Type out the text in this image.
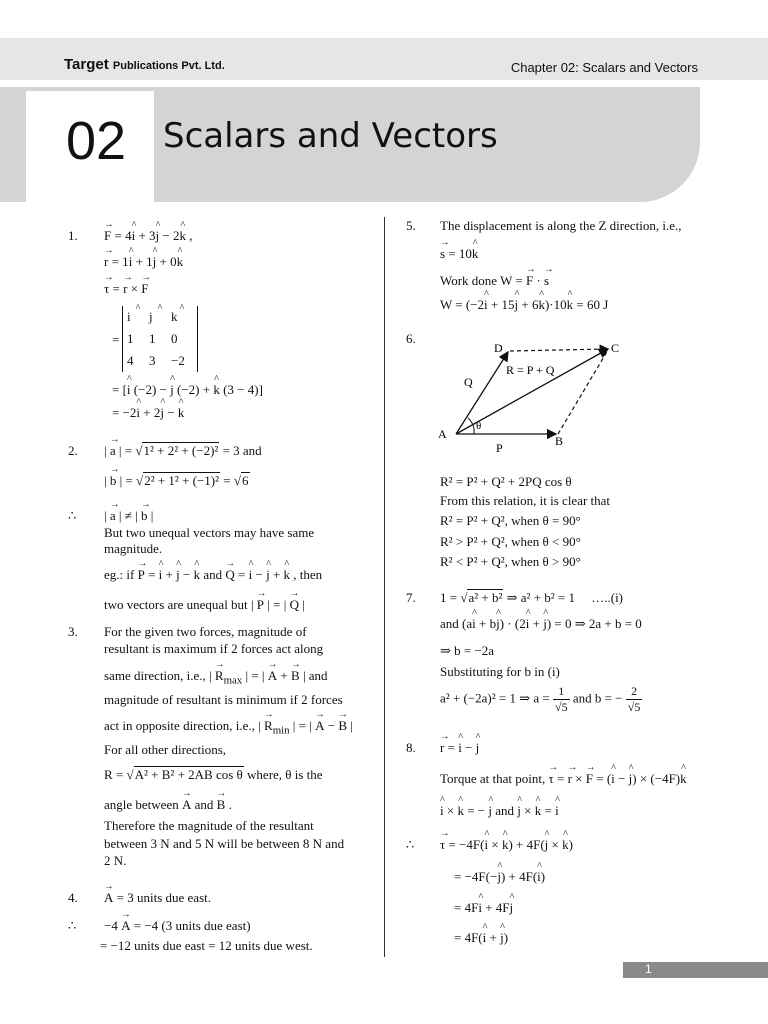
Target Publications Pvt. Ltd.	Chapter 02: Scalars and Vectors
02 Scalars and Vectors
1. → F = 4^ i + 3^ j − 2^ k ,
→ r = 1^ i + 1^ j + 0^ k
→ τ = → r × → F
=
^ i ^ j ^ k
1 1 0
4 3 −2
= [^ i (−2) − ^ j (−2) + ^ k (3 − 4)]
= −2^ i + 2^ j − ^ k
2. | → a | = √1² + 2² + (−2)² = 3 and
| → b | = √2² + 1² + (−1)² = √6
∴ | → a | ≠ | → b |
But two unequal vectors may have same
magnitude.
eg.: if → P = ^ i + ^ j − ^ k and → Q = ^ i − ^ j + ^ k , then
two vectors are unequal but | → P | = | → Q |
3. For the given two forces, magnitude of
resultant is maximum if 2 forces act along
same direction, i.e., | → $R_{max}$ | = | → A + → B | and
magnitude of resultant is minimum if 2 forces
act in opposite direction, i.e., | → $R_{min}$ | = | → A − → B |
For all other directions,
R = √A² + B² + 2AB cos θ where, θ is the
angle between → A and → B .
Therefore the magnitude of the resultant
between 3 N and 5 N will be between 8 N and
2 N.
4. → A = 3 units due east.
∴ −4 → A = −4 (3 units due east)
= −12 units due east = 12 units due west.
5. The displacement is along the Z direction, i.e.,
→ s = 10^ k
Work done W = → F · → s
W = (−2^ i + 15^ j + 6^ k)·10^ k = 60 J
6.
A	B
C
D
θ
P
Q
R = P + Q
R² = P² + Q² + 2PQ cos θ
From this relation, it is clear that
R² = P² + Q², when θ = 90°
R² > P² + Q², when θ < 90°
R² < P² + Q², when θ > 90°
7. 1 = √a² + b² ⇒ a² + b² = 1     …..(i)
and (a^ i + b^ j) · (2^ i + ^ j) = 0 ⇒ 2a + b = 0
⇒ b = −2a
Substituting for b in (i)
a² + (−2a)² = 1 ⇒ $a = \frac{1}{√5}$ and b = − $\frac{2}{√5}$
8. → r = ^ i − ^ j
Torque at that point, → τ = → r × → F = (^ i − ^ j) × (−4F)^ k
^ i × ^ k = − ^ j and ^ j × ^ k = ^ i
∴ → τ = −4F(^ i × ^ k) + 4F(^ j × ^ k)
= −4F(−^ j) + 4F(^ i)
= 4F^ i + 4F^ j
= 4F(^ i + ^ j)
1
